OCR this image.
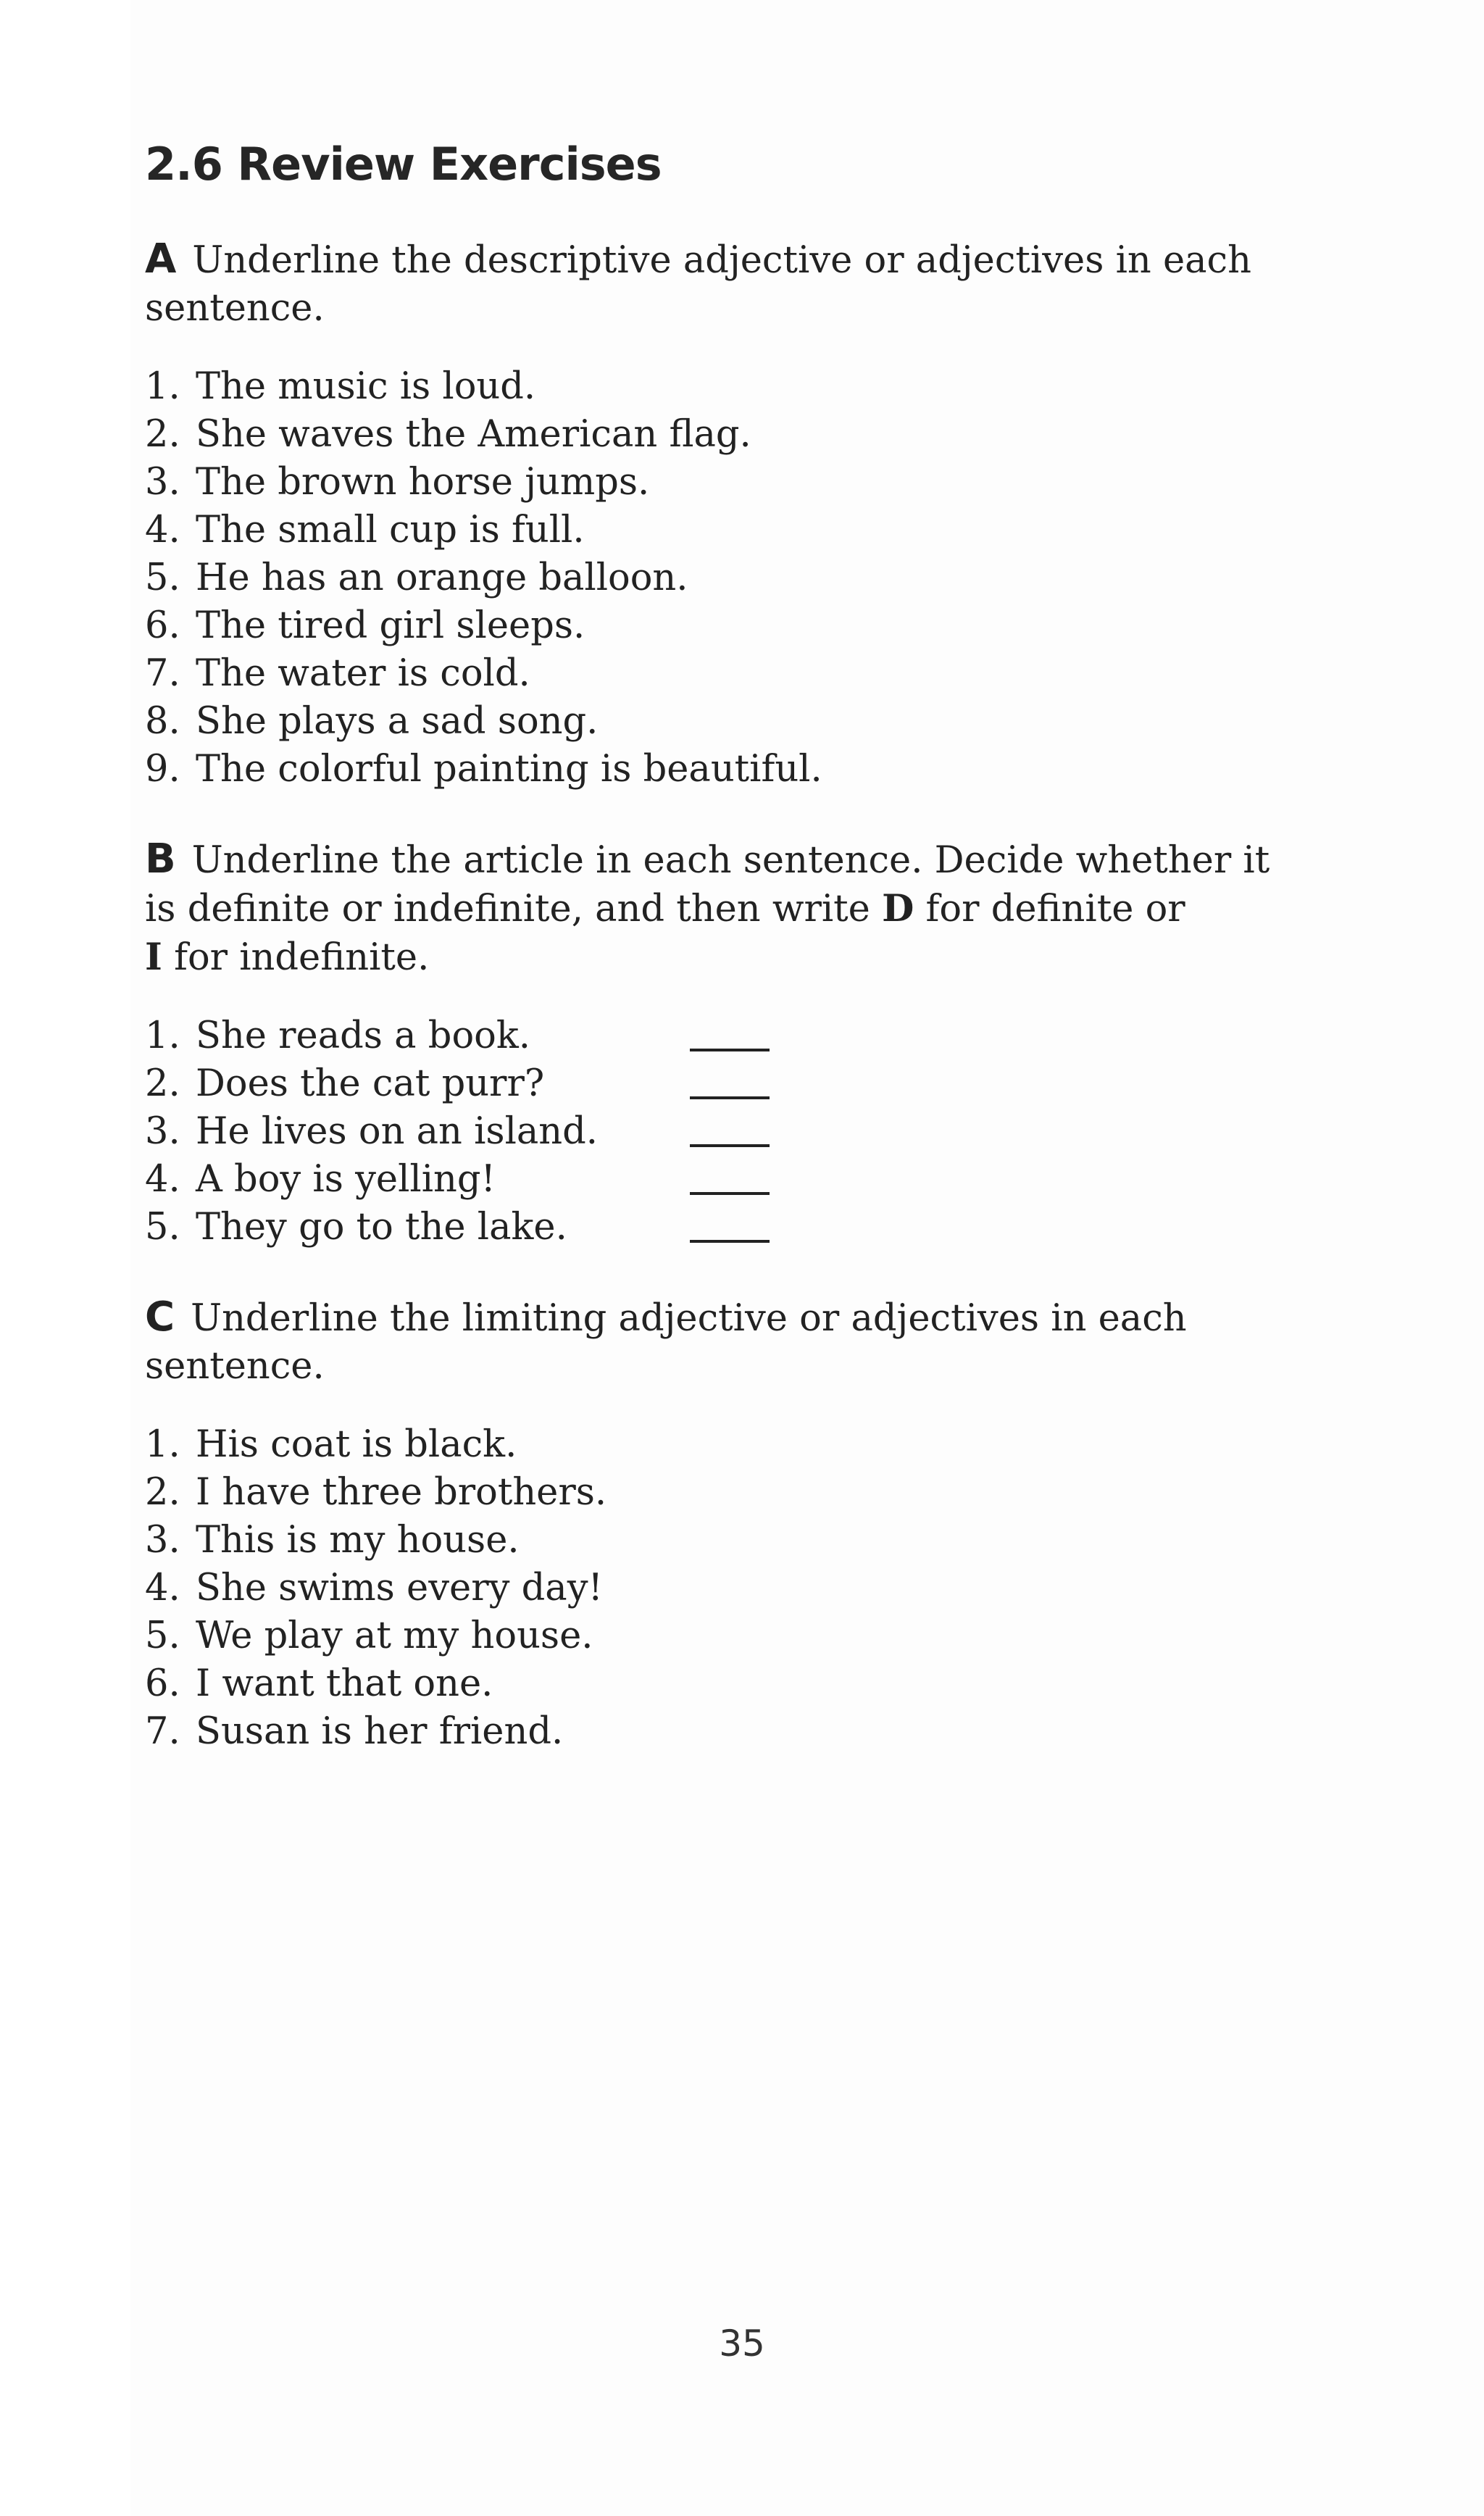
2.6 Review Exercises

A Underline the descriptive adjective or adjectives in each sentence.

1. The music is loud.
2. She waves the American flag.
3. The brown horse jumps.
4. The small cup is full.
5. He has an orange balloon.
6. The tired girl sleeps.
7. The water is cold.
8. She plays a sad song.
9. The colorful painting is beautiful.

B Underline the article in each sentence. Decide whether it is definite or indefinite, and then write D for definite or
I for indefinite.

1. She reads a book.
2. Does the cat purr?
3. He lives on an island.
4. A boy is yelling!
5. They go to the lake.

C Underline the limiting adjective or adjectives in each sentence.

1. His coat is black.
2. I have three brothers.
3. This is my house.
4. She swims every day!
5. We play at my house.
6. I want that one.
7. Susan is her friend.
35
